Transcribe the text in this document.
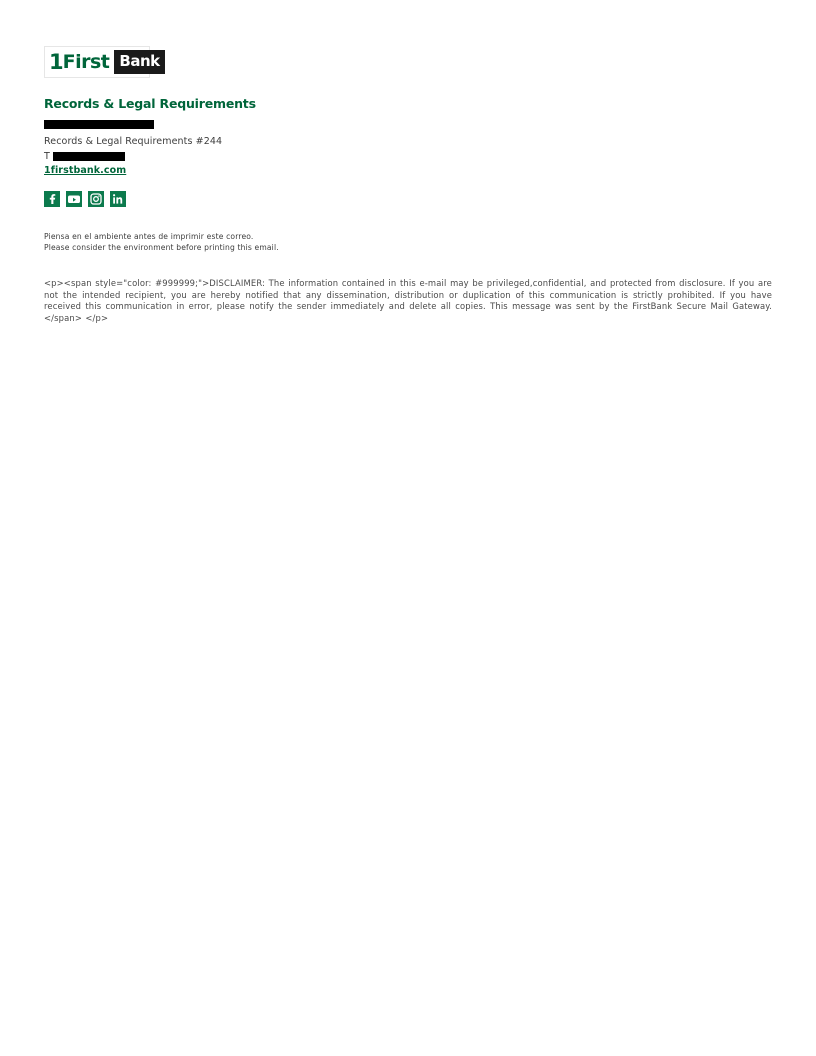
1 First Bank
Records & Legal Requirements
Records & Legal Requirements #244
T
1firstbank.com
Piensa en el ambiente antes de imprimir este correo.
Please consider the environment before printing this email.
<p><span style="color: #999999;">DISCLAIMER: The information contained in this e-mail may be privileged,confidential, and protected from disclosure. If you are not the intended recipient, you are hereby notified that any dissemination, distribution or duplication of this communication is strictly prohibited. If you have received this communication in error, please notify the sender immediately and delete all copies. This message was sent by the FirstBank Secure Mail Gateway.</span> </p>
